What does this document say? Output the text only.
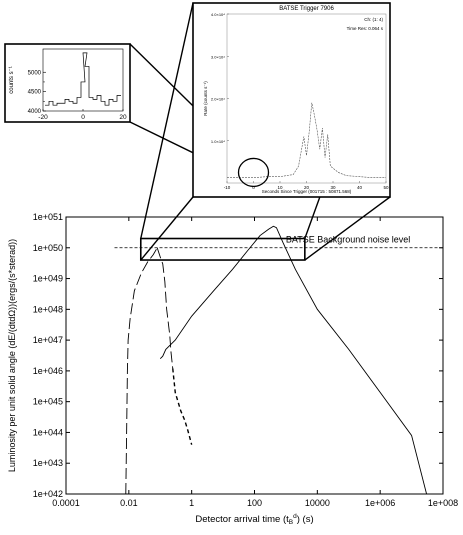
0.0001	0.01	1	100	10000	1e+006	1e+008
1e+042
1e+043
1e+044
1e+045
1e+046
1e+047
1e+048
1e+049
1e+050
1e+051
Detector arrival time $(t_B^d)$ (s)
Luminosity per unit solid angle (dE/(dtdΩ))(ergs/(s*sterad))	BATSE Background noise level
BATSE Trigger 7906
Ch: (1: 4)
Time Res: 0.064 s
-10	0	10	20	30	40	50
1.0×10⁴
2.0×10⁴
3.0×10⁴
4.0×10⁴
Seconds Since Trigger (001715 : 50871.568)
Rate (counts s⁻¹)
-20	0	20
4000
4500
5000
counts s⁻¹
